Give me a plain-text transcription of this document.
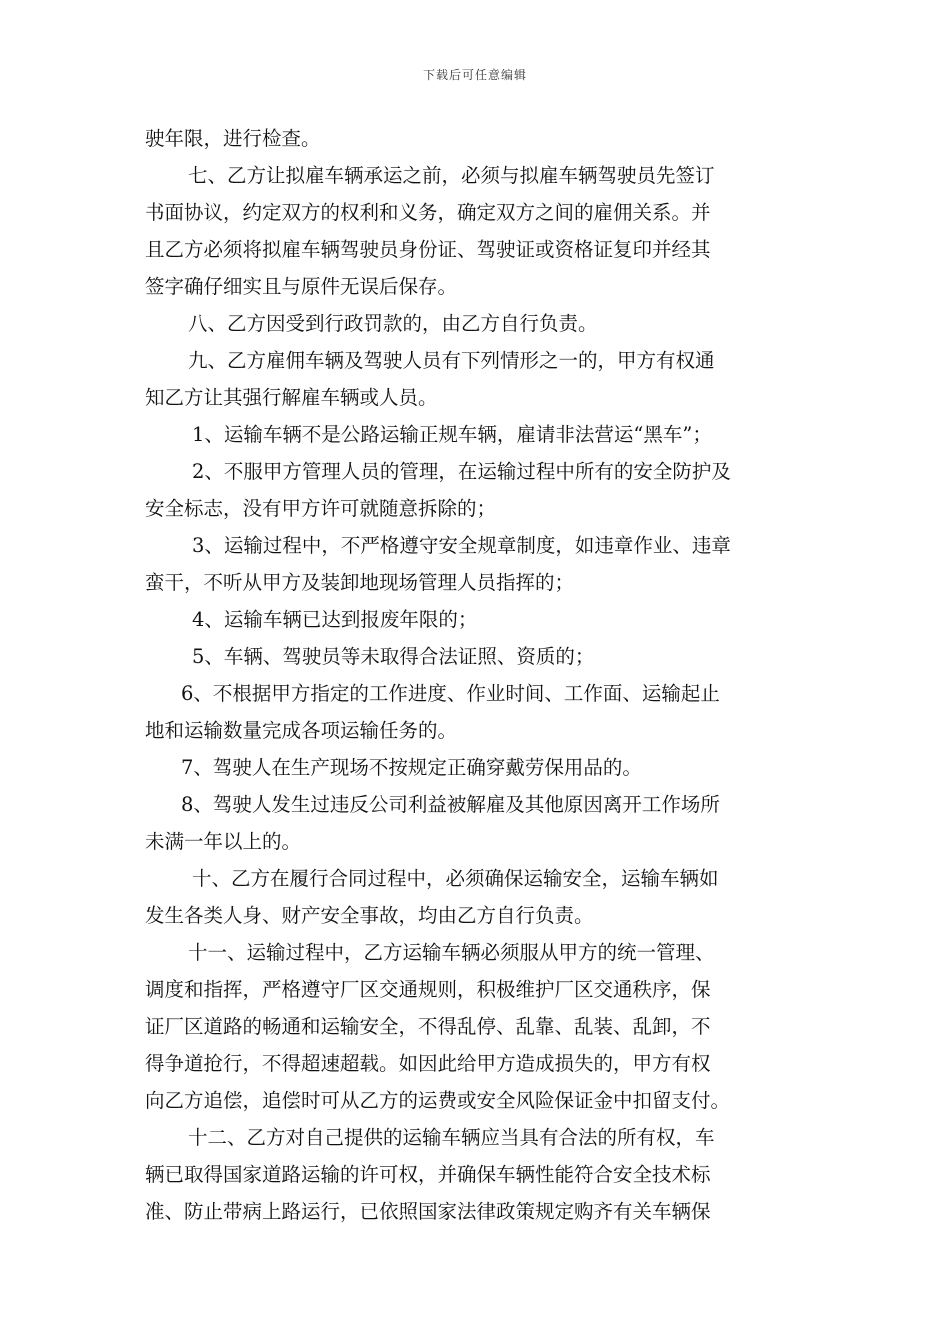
下载后可任意编辑
驶年限，进行检查。
七、乙方让拟雇车辆承运之前，必须与拟雇车辆驾驶员先签订
书面协议，约定双方的权利和义务，确定双方之间的雇佣关系。并
且乙方必须将拟雇车辆驾驶员身份证、驾驶证或资格证复印并经其
签字确仔细实且与原件无误后保存。
八、乙方因受到行政罚款的，由乙方自行负责。
九、乙方雇佣车辆及驾驶人员有下列情形之一的，甲方有权通
知乙方让其强行解雇车辆或人员。
1、运输车辆不是公路运输正规车辆，雇请非法营运“黑车”；
2、不服甲方管理人员的管理，在运输过程中所有的安全防护及
安全标志，没有甲方许可就随意拆除的；
3、运输过程中，不严格遵守安全规章制度，如违章作业、违章
蛮干，不听从甲方及装卸地现场管理人员指挥的；
4、运输车辆已达到报废年限的；
5、车辆、驾驶员等未取得合法证照、资质的；
6、不根据甲方指定的工作进度、作业时间、工作面、运输起止
地和运输数量完成各项运输任务的。
7、驾驶人在生产现场不按规定正确穿戴劳保用品的。
8、驾驶人发生过违反公司利益被解雇及其他原因离开工作场所
未满一年以上的。
十、乙方在履行合同过程中，必须确保运输安全，运输车辆如
发生各类人身、财产安全事故，均由乙方自行负责。
十一、运输过程中，乙方运输车辆必须服从甲方的统一管理、
调度和指挥，严格遵守厂区交通规则，积极维护厂区交通秩序，保
证厂区道路的畅通和运输安全，不得乱停、乱靠、乱装、乱卸，不
得争道抢行，不得超速超载。如因此给甲方造成损失的，甲方有权
向乙方追偿，追偿时可从乙方的运费或安全风险保证金中扣留支付。
十二、乙方对自己提供的运输车辆应当具有合法的所有权，车
辆已取得国家道路运输的许可权，并确保车辆性能符合安全技术标
准、防止带病上路运行，已依照国家法律政策规定购齐有关车辆保
